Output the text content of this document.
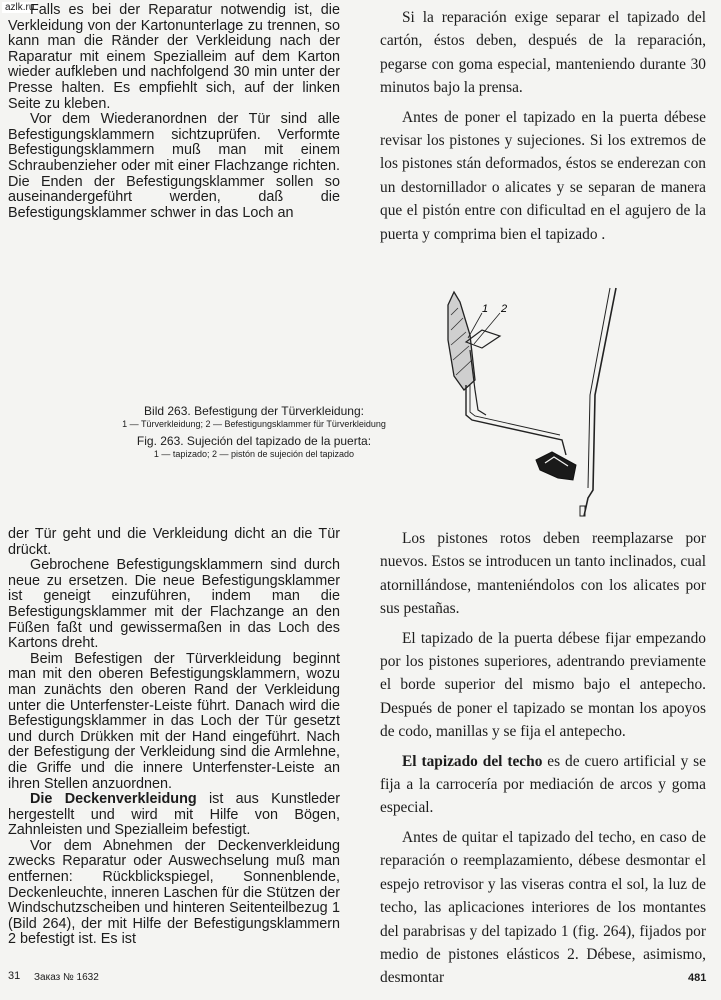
azlk.ru

Falls es bei der Reparatur notwendig ist, die Verkleidung von der Kartonunterlage zu trennen, so kann man die Ränder der Verkleidung nach der Raparatur mit einem Spezialleim auf dem Karton wieder aufkleben und nachfolgend 30 min unter der Presse halten. Es empfiehlt sich, auf der linken Seite zu kleben.

Vor dem Wiederanordnen der Tür sind alle Befestigungsklammern sichtzuprüfen. Verformte Befestigungsklammern muß man mit einem Schraubenzieher oder mit einer Flachzange richten. Die Enden der Befestigungsklammer sollen so auseinandergeführt werden, daß die Befestigungsklammer schwer in das Loch an

Si la reparación exige separar el tapizado del cartón, éstos deben, después de la reparación, pegarse con goma especial, manteniendo durante 30 minutos bajo la prensa.

Antes de poner el tapizado en la puerta débese revisar los pistones y sujeciones. Si los extremos de los pistones stán deformados, éstos se enderezan con un destornillador o alicates y se separan de manera que el pistón entre con dificultad en el agujero de la puerta y comprima bien el tapizado .

Bild 263. Befestigung der Türverkleidung:
1 — Türverkleidung; 2 — Befestigungsklammer für Türverkleidung
Fig. 263. Sujeción del tapizado de la puerta:
1 — tapizado; 2 — pistón de sujeción del tapizado
1 2

der Tür geht und die Verkleidung dicht an die Tür drückt.

Gebrochene Befestigungsklammern sind durch neue zu ersetzen. Die neue Befestigungsklammer ist geneigt einzuführen, indem man die Befestigungsklammer mit der Flachzange an den Füßen faßt und gewissermaßen in das Loch des Kartons dreht.

Beim Befestigen der Türverkleidung beginnt man mit den oberen Befestigungsklammern, wozu man zunächts den oberen Rand der Verkleidung unter die Unterfenster-Leiste führt. Danach wird die Befestigungsklammer in das Loch der Tür gesetzt und durch Drükken mit der Hand eingeführt. Nach der Befestigung der Verkleidung sind die Armlehne, die Griffe und die innere Unterfenster-Leiste an ihren Stellen anzuordnen.

Die Deckenverkleidung ist aus Kunstleder hergestellt und wird mit Hilfe von Bögen, Zahnleisten und Spezialleim befestigt.

Vor dem Abnehmen der Deckenverkleidung zwecks Reparatur oder Auswechselung muß man entfernen: Rückblickspiegel, Sonnenblende, Deckenleuchte, inneren Laschen für die Stützen der Windschutzscheiben und hinteren Seitenteilbezug 1 (Bild 264), der mit Hilfe der Befestigungsklammern 2 befestigt ist. Es ist

Los pistones rotos deben reemplazarse por nuevos. Estos se introducen un tanto inclinados, cual atornillándose, manteniéndolos con los alicates por sus pestañas.

El tapizado de la puerta débese fijar empezando por los pistones superiores, adentrando previamente el borde superior del mismo bajo el antepecho. Después de poner el tapizado se montan los apoyos de codo, manillas y se fija el antepecho.

El tapizado del techo es de cuero artificial y se fija a la carrocería por mediación de arcos y goma especial.

Antes de quitar el tapizado del techo, en caso de reparación o reemplazamiento, débese desmontar el espejo retrovisor y las viseras contra el sol, la luz de techo, las aplicaciones interiores de los montantes del parabrisas y del tapizado 1 (fig. 264), fijados por medio de pistones elásticos 2. Débese, asimismo, desmontar

31 Заказ № 1632	481
